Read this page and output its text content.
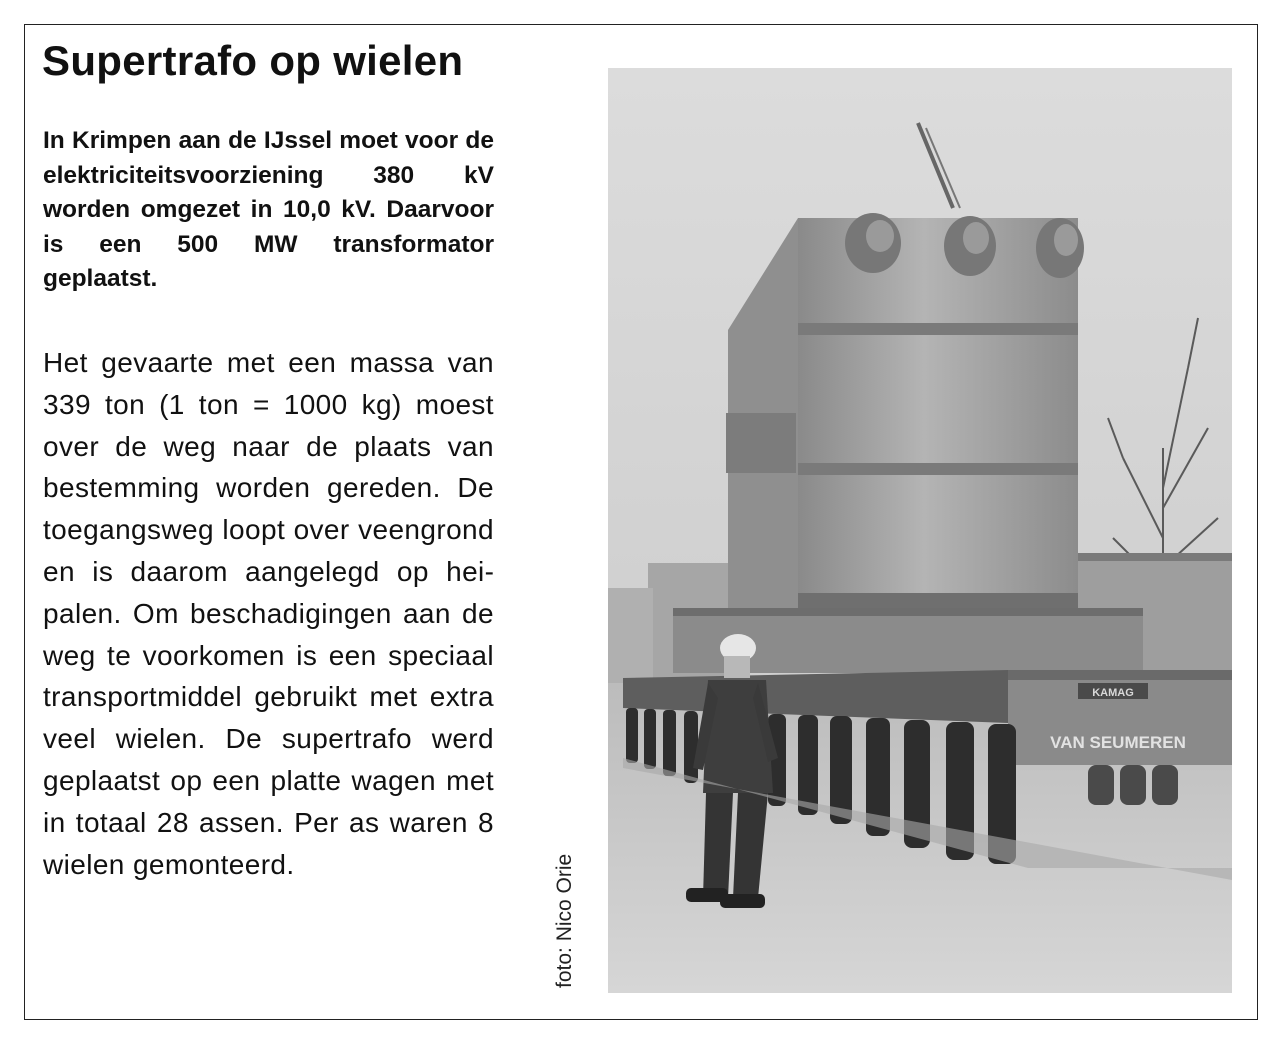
Supertrafo op wielen

In Krimpen aan de IJssel moet voor de elektriciteitsvoorziening 380 kV worden omgezet in 10,0 kV. Daarvoor is een 500 MW transformator geplaatst.

Het gevaarte met een massa van 339 ton (1 ton = 1000 kg) moest over de weg naar de plaats van bestemming worden gereden. De toegangsweg loopt over veengrond en is daarom aangelegd op heipalen. Om beschadigingen aan de weg te voorkomen is een speciaal transportmiddel gebruikt met extra veel wielen. De supertrafo werd geplaatst op een platte wagen met in totaal 28 assen. Per as waren 8 wielen gemonteerd.	foto: Nico Orie
KAMAG
VAN SEUMEREN
